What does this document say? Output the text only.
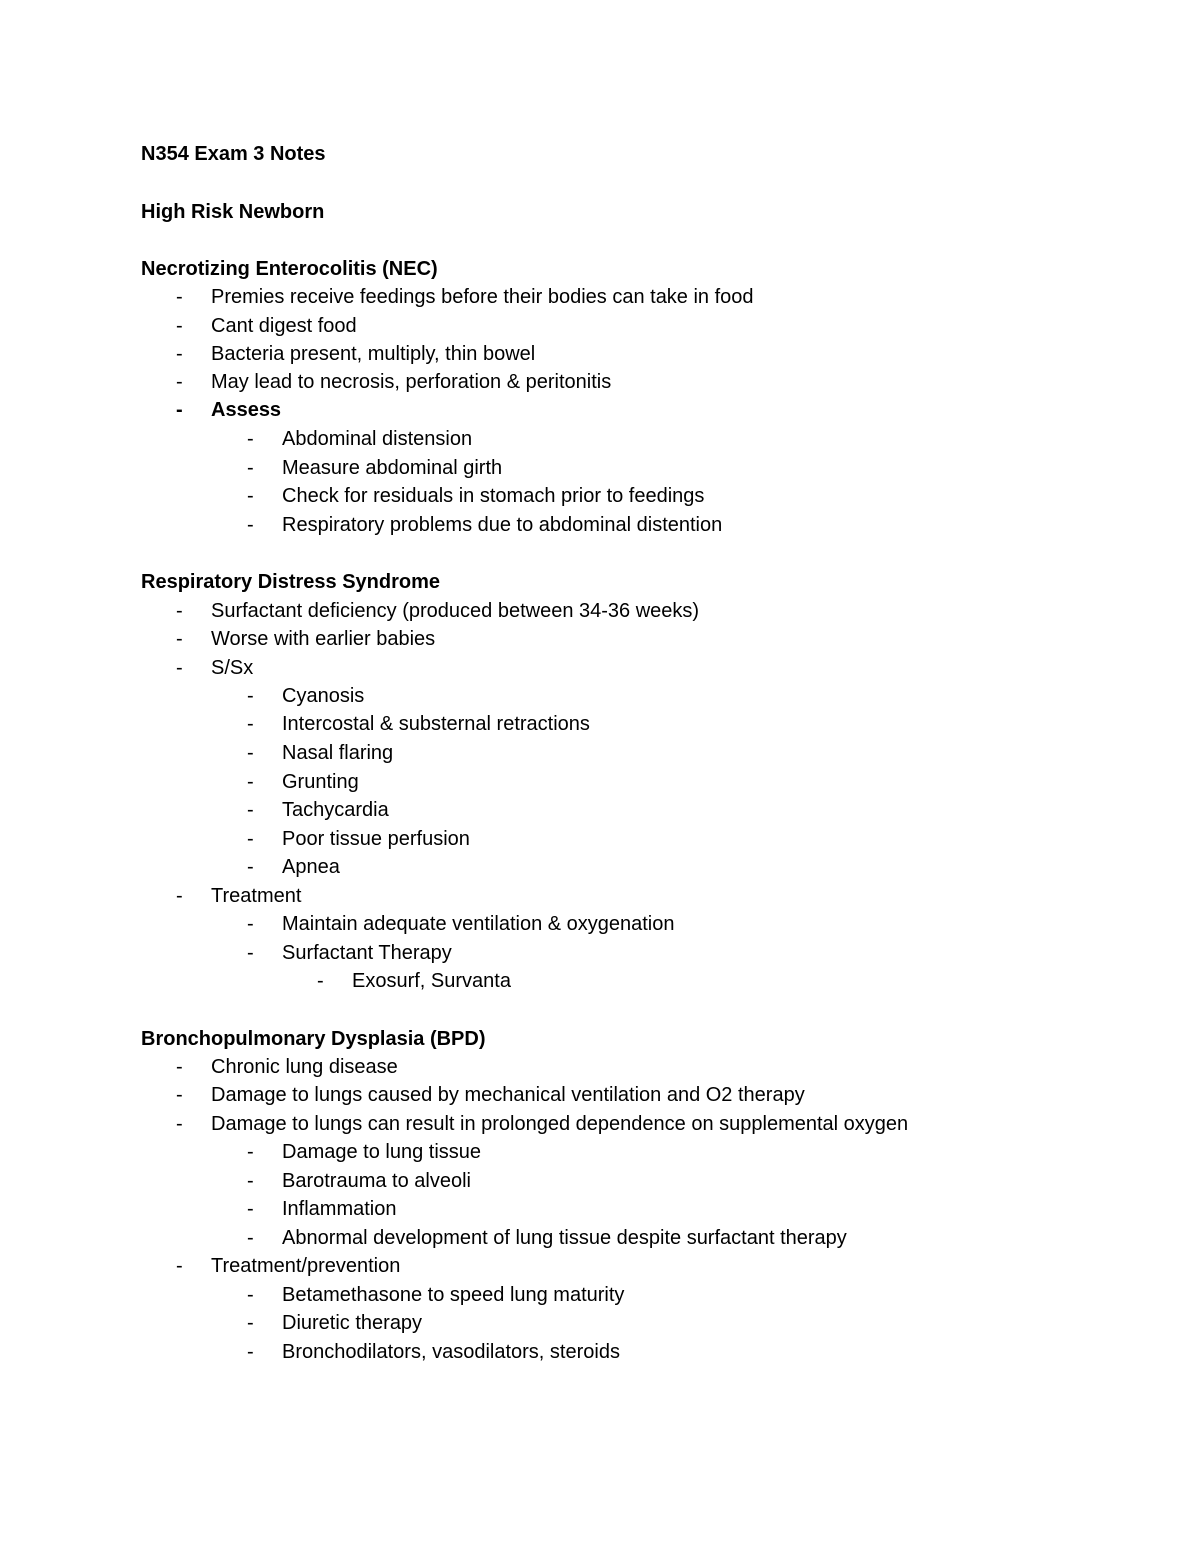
N354 Exam 3 Notes
High Risk Newborn
Necrotizing Enterocolitis (NEC)
- Premies receive feedings before their bodies can take in food
- Cant digest food
- Bacteria present, multiply, thin bowel
- May lead to necrosis, perforation & peritonitis
- Assess
- Abdominal distension
- Measure abdominal girth
- Check for residuals in stomach prior to feedings
- Respiratory problems due to abdominal distention
Respiratory Distress Syndrome
- Surfactant deficiency (produced between 34-36 weeks)
- Worse with earlier babies
- S/Sx
- Cyanosis
- Intercostal & substernal retractions
- Nasal flaring
- Grunting
- Tachycardia
- Poor tissue perfusion
- Apnea
- Treatment
- Maintain adequate ventilation & oxygenation
- Surfactant Therapy
- Exosurf, Survanta
Bronchopulmonary Dysplasia (BPD)
- Chronic lung disease
- Damage to lungs caused by mechanical ventilation and O2 therapy
- Damage to lungs can result in prolonged dependence on supplemental oxygen
- Damage to lung tissue
- Barotrauma to alveoli
- Inflammation
- Abnormal development of lung tissue despite surfactant therapy
- Treatment/prevention
- Betamethasone to speed lung maturity
- Diuretic therapy
- Bronchodilators, vasodilators, steroids
